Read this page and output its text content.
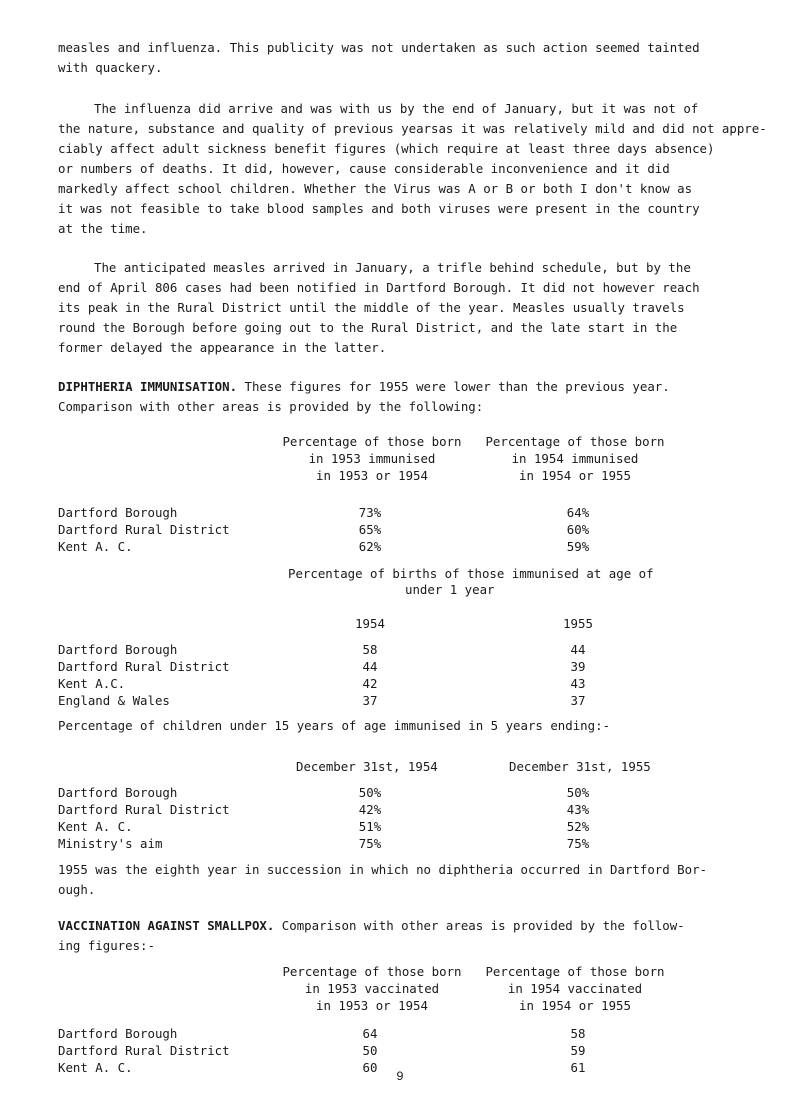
measles and influenza. This publicity was not undertaken as such action seemed tainted
with quackery.
The influenza did arrive and was with us by the end of January, but it was not of
the nature, substance and quality of previous yearsas it was relatively mild and did not appre-
ciably affect adult sickness benefit figures (which require at least three days absence)
or numbers of deaths. It did, however, cause considerable inconvenience and it did
markedly affect school children. Whether the Virus was A or B or both I don't know as
it was not feasible to take blood samples and both viruses were present in the country
at the time.
The anticipated measles arrived in January, a trifle behind schedule, but by the
end of April 806 cases had been notified in Dartford Borough. It did not however reach
its peak in the Rural District until the middle of the year. Measles usually travels
round the Borough before going out to the Rural District, and the late start in the
former delayed the appearance in the latter.
DIPHTHERIA IMMUNISATION. These figures for 1955 were lower than the previous year.
Comparison with other areas is provided by the following:
Percentage of those born
in 1953 immunised
in 1953 or 1954
Percentage of those born
in 1954 immunised
in 1954 or 1955
Dartford Borough	73%	64%
Dartford Rural District	65%	60%
Kent A. C.	62%	59%
Percentage of births of those immunised at age of
under 1 year
1954	1955
Dartford Borough	58	44
Dartford Rural District	44	39
Kent A.C.	42	43
England & Wales	37	37
Percentage of children under 15 years of age immunised in 5 years ending:-
December 31st, 1954	December 31st, 1955
Dartford Borough	50%	50%
Dartford Rural District	42%	43%
Kent A. C.	51%	52%
Ministry's aim	75%	75%
1955 was the eighth year in succession in which no diphtheria occurred in Dartford Bor-
ough.
VACCINATION AGAINST SMALLPOX. Comparison with other areas is provided by the follow-
ing figures:-
Percentage of those born
in 1953 vaccinated
in 1953 or 1954
Percentage of those born
in 1954 vaccinated
in 1954 or 1955
Dartford Borough	64	58
Dartford Rural District	50	59
Kent A. C.	60	61
9
